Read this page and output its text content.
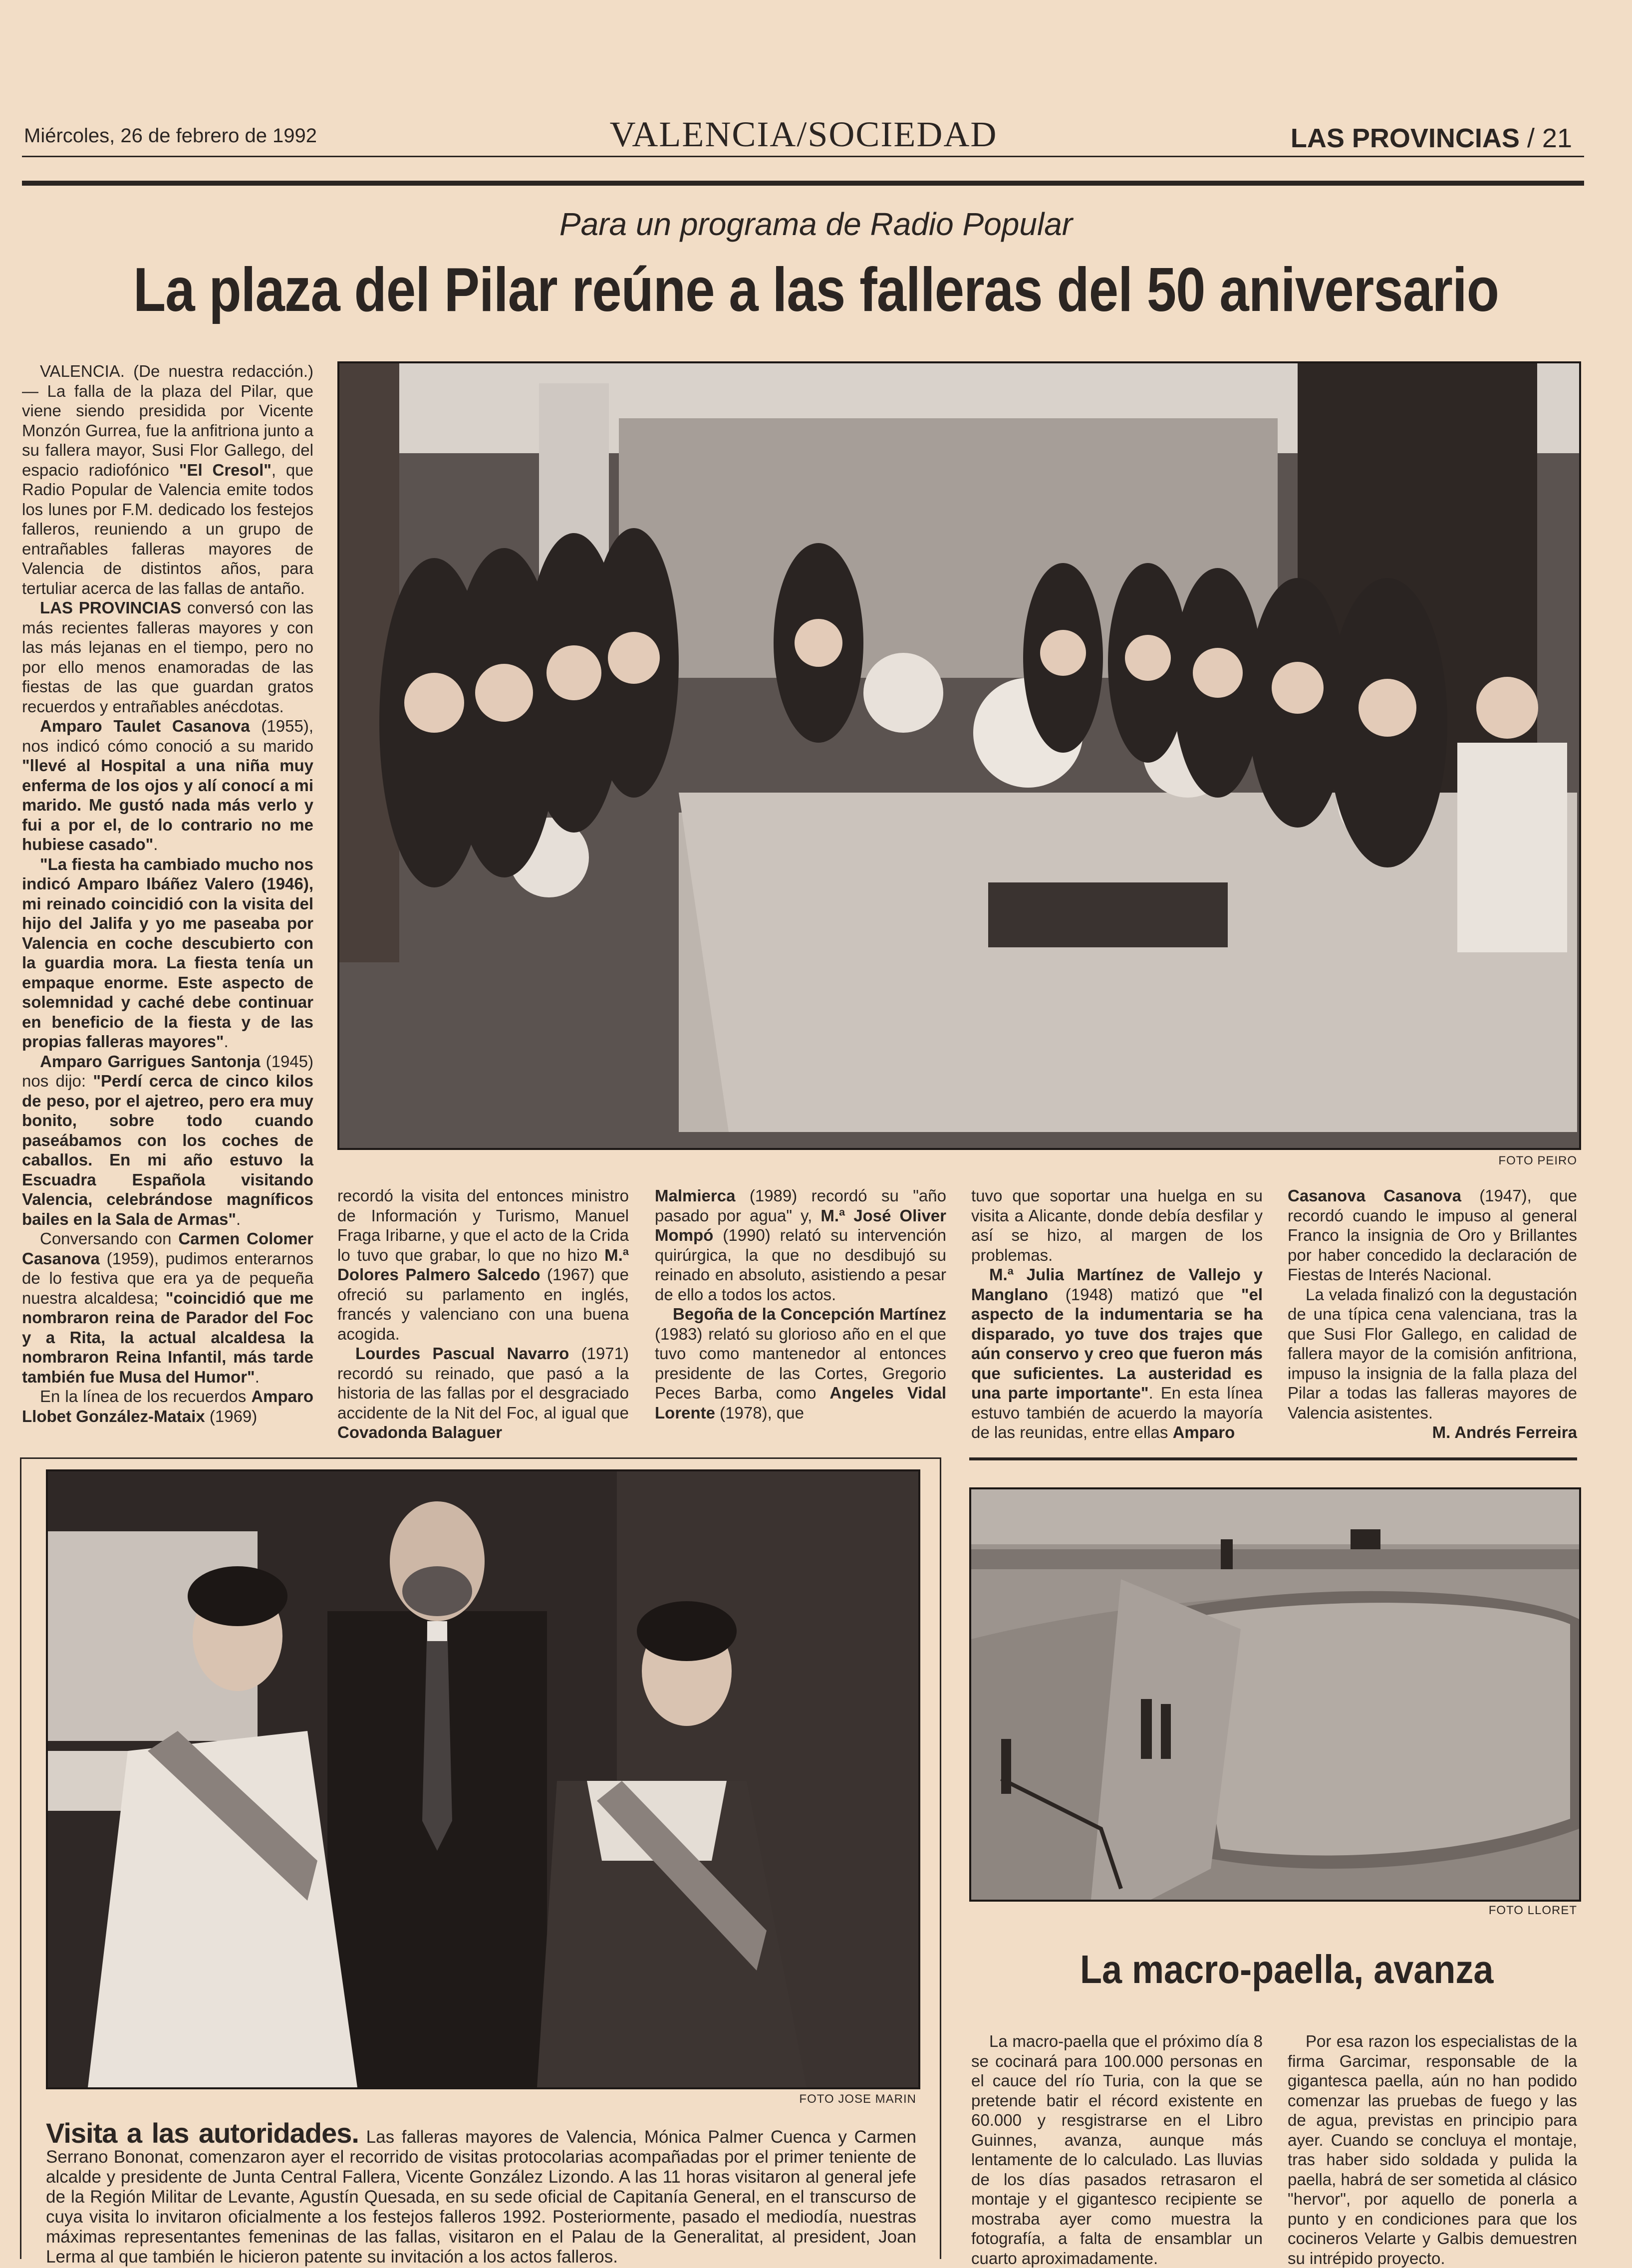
Miércoles, 26 de febrero de 1992	VALENCIA/SOCIEDAD	LAS PROVINCIAS / 21
Para un programa de Radio Popular
La plaza del Pilar reúne a las falleras del 50 aniversario
FOTO PEIRO

VALENCIA. (De nuestra redacción.) — La falla de la plaza del Pilar, que viene siendo presidida por Vicente Monzón Gurrea, fue la anfitriona junto a su fallera mayor, Susi Flor Gallego, del espacio radiofónico "El Cresol", que Radio Popular de Valencia emite todos los lunes por F.M. dedicado los festejos falleros, reuniendo a un grupo de entrañables falleras mayores de Valencia de distintos años, para tertuliar acerca de las fallas de antaño.

LAS PROVINCIAS conversó con las más recientes falleras mayores y con las más lejanas en el tiempo, pero no por ello menos enamoradas de las fiestas de las que guardan gratos recuerdos y entrañables anécdotas.

Amparo Taulet Casanova (1955), nos indicó cómo conoció a su marido "llevé al Hospital a una niña muy enferma de los ojos y alí conocí a mi marido. Me gustó nada más verlo y fui a por el, de lo contrario no me hubiese casado".

"La fiesta ha cambiado mucho nos indicó Amparo Ibáñez Valero (1946), mi reinado coincidió con la visita del hijo del Jalifa y yo me paseaba por Valencia en coche descubierto con la guardia mora. La fiesta tenía un empaque enorme. Este aspecto de solemnidad y caché debe continuar en beneficio de la fiesta y de las propias falleras mayores".

Amparo Garrigues Santonja (1945) nos dijo: "Perdí cerca de cinco kilos de peso, por el ajetreo, pero era muy bonito, sobre todo cuando paseábamos con los coches de caballos. En mi año estuvo la Escuadra Española visitando Valencia, celebrándose magníficos bailes en la Sala de Armas".

Conversando con Carmen Colomer Casanova (1959), pudimos enterarnos de lo festiva que era ya de pequeña nuestra alcaldesa; "coincidió que me nombraron reina de Parador del Foc y a Rita, la actual alcaldesa la nombraron Reina Infantil, más tarde también fue Musa del Humor".

En la línea de los recuerdos Amparo Llobet González-Mataix (1969)

recordó la visita del entonces ministro de Información y Turismo, Manuel Fraga Iribarne, y que el acto de la Crida lo tuvo que grabar, lo que no hizo M.ª Dolores Palmero Salcedo (1967) que ofreció su parlamento en inglés, francés y valenciano con una buena acogida.

Lourdes Pascual Navarro (1971) recordó su reinado, que pasó a la historia de las fallas por el desgraciado accidente de la Nit del Foc, al igual que Covadonda Balaguer

Malmierca (1989) recordó su "año pasado por agua" y, M.ª José Oliver Mompó (1990) relató su intervención quirúrgica, la que no desdibujó su reinado en absoluto, asistiendo a pesar de ello a todos los actos.

Begoña de la Concepción Martínez (1983) relató su glorioso año en el que tuvo como mantenedor al entonces presidente de las Cortes, Gregorio Peces Barba, como Angeles Vidal Lorente (1978), que

tuvo que soportar una huelga en su visita a Alicante, donde debía desfilar y así se hizo, al margen de los problemas.

M.ª Julia Martínez de Vallejo y Manglano (1948) matizó que "el aspecto de la indumentaria se ha disparado, yo tuve dos trajes que aún conservo y creo que fueron más que suficientes. La austeridad es una parte importante". En esta línea estuvo también de acuerdo la mayoría de las reunidas, entre ellas Amparo

Casanova Casanova (1947), que recordó cuando le impuso al general Franco la insignia de Oro y Brillantes por haber concedido la declaración de Fiestas de Interés Nacional.

La velada finalizó con la degustación de una típica cena valenciana, tras la que Susi Flor Gallego, en calidad de fallera mayor de la comisión anfitriona, impuso la insignia de la falla plaza del Pilar a todas las falleras mayores de Valencia asistentes.

M. Andrés Ferreira

FOTO JOSE MARIN
Visita a las autoridades. Las falleras mayores de Valencia, Mónica Palmer Cuenca y Carmen Serrano Bononat, comenzaron ayer el recorrido de visitas protocolarias acompañadas por el primer teniente de alcalde y presidente de Junta Central Fallera, Vicente González Lizondo. A las 11 horas visitaron al general jefe de la Región Militar de Levante, Agustín Quesada, en su sede oficial de Capitanía General, en el transcurso de cuya visita lo invitaron oficialmente a los festejos falleros 1992. Posteriormente, pasado el mediodía, nuestras máximas representantes femeninas de las fallas, visitaron en el Palau de la Generalitat, al president, Joan Lerma al que también le hicieron patente su invitación a los actos falleros.
FOTO LLORET
La macro-paella, avanza

La macro-paella que el próximo día 8 se cocinará para 100.000 personas en el cauce del río Turia, con la que se pretende batir el récord existente en 60.000 y resgistrarse en el Libro Guinnes, avanza, aunque más lentamente de lo calculado. Las lluvias de los días pasados retrasaron el montaje y el gigantesco recipiente se mostraba ayer como muestra la fotografía, a falta de ensamblar un cuarto aproximadamente.

Por esa razon los especialistas de la firma Garcimar, responsable de la gigantesca paella, aún no han podido comenzar las pruebas de fuego y las de agua, previstas en principio para ayer. Cuando se concluya el montaje, tras haber sido soldada y pulida la paella, habrá de ser sometida al clásico "hervor", por aquello de ponerla a punto y en condiciones para que los cocineros Velarte y Galbis demuestren su intrépido proyecto.
